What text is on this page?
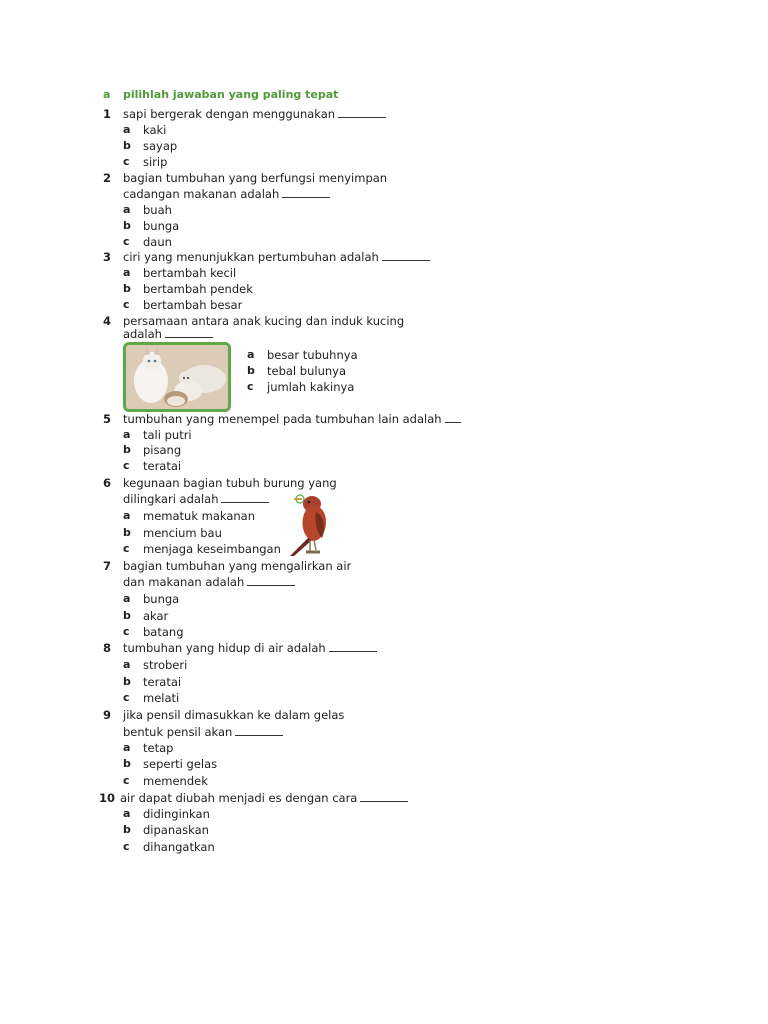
a pilihlah jawaban yang paling tepat
1 sapi bergerak dengan menggunakan
a kaki
b sayap
c sirip
2 bagian tumbuhan yang berfungsi menyimpan
cadangan makanan adalah
a buah
b bunga
c daun
3 ciri yang menunjukkan pertumbuhan adalah
a bertambah kecil
b bertambah pendek
c bertambah besar
4 persamaan antara anak kucing dan induk kucing
adalah
a besar tubuhnya
b tebal bulunya
c jumlah kakinya
5 tumbuhan yang menempel pada tumbuhan lain adalah
a tali putri
b pisang
c teratai
6 kegunaan bagian tubuh burung yang
dilingkari adalah
a mematuk makanan
b mencium bau
c menjaga keseimbangan
7 bagian tumbuhan yang mengalirkan air
dan makanan adalah
a bunga
b akar
c batang
8 tumbuhan yang hidup di air adalah
a stroberi
b teratai
c melati
9 jika pensil dimasukkan ke dalam gelas
bentuk pensil akan
a tetap
b seperti gelas
c memendek
10 air dapat diubah menjadi es dengan cara
a didinginkan
b dipanaskan
c dihangatkan
